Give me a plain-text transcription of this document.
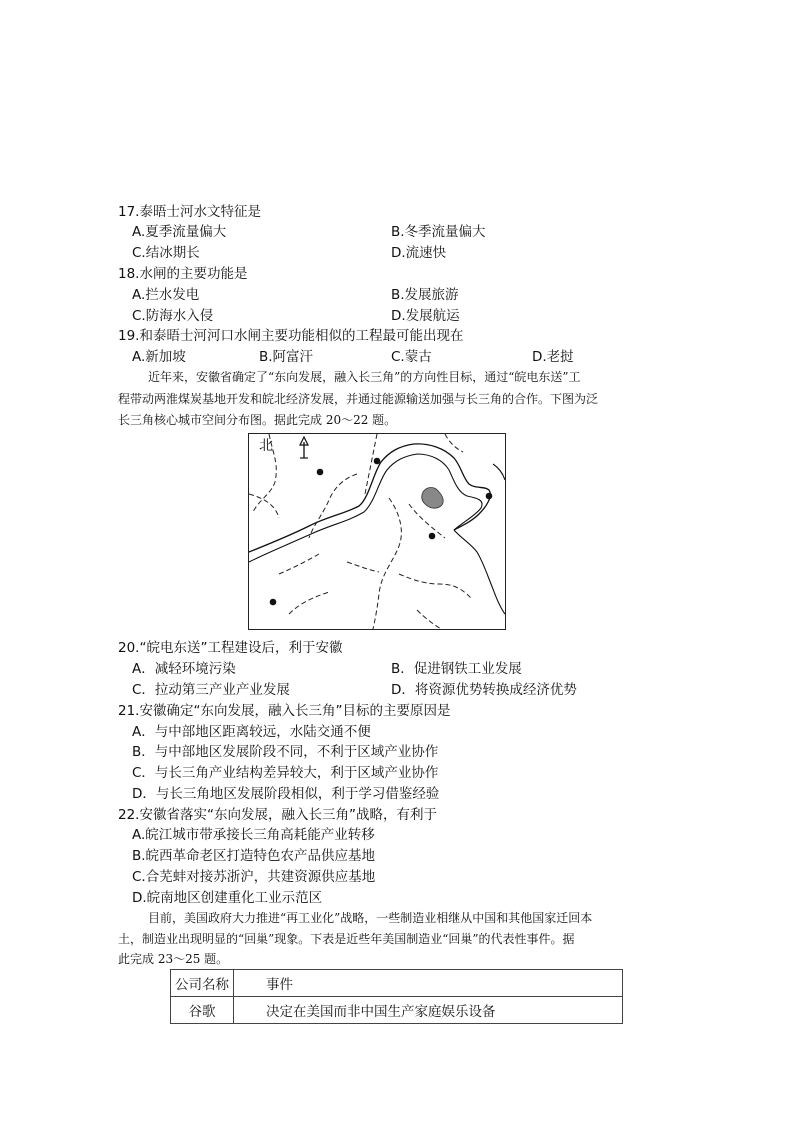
17.泰晤士河水文特征是
A.夏季流量偏大	B.冬季流量偏大
C.结冰期长	D.流速快
18.水闸的主要功能是
A.拦水发电	B.发展旅游
C.防海水入侵	D.发展航运
19.和泰晤士河河口水闸主要功能相似的工程最可能出现在
A.新加坡	B.阿富汗	C.蒙古	D.老挝
近年来，安徽省确定了“东向发展，融入长三角”的方向性目标，通过“皖电东送”工
程带动两淮煤炭基地开发和皖北经济发展，并通过能源输送加强与长三角的合作。下图为泛
长三角核心城市空间分布图。据此完成 20～22 题。
北
20.“皖电东送”工程建设后，利于安徽
A．减轻环境污染	B．促进钢铁工业发展
C．拉动第三产业产业发展	D．将资源优势转换成经济优势
21.安徽确定“东向发展，融入长三角”目标的主要原因是
A．与中部地区距离较远，水陆交通不便
B．与中部地区发展阶段不同，不利于区域产业协作
C．与长三角产业结构差异较大，利于区域产业协作
D．与长三角地区发展阶段相似，利于学习借鉴经验
22.安徽省落实“东向发展，融入长三角”战略，有利于
A.皖江城市带承接长三角高耗能产业转移
B.皖西革命老区打造特色农产品供应基地
C.合芜蚌对接苏浙沪，共建资源供应基地
D.皖南地区创建重化工业示范区
目前，美国政府大力推进“再工业化”战略，一些制造业相继从中国和其他国家迁回本
土，制造业出现明显的“回巢”现象。下表是近些年美国制造业“回巢”的代表性事件。据
此完成 23～25 题。
公司名称	事件
谷歌	决定在美国而非中国生产家庭娱乐设备
